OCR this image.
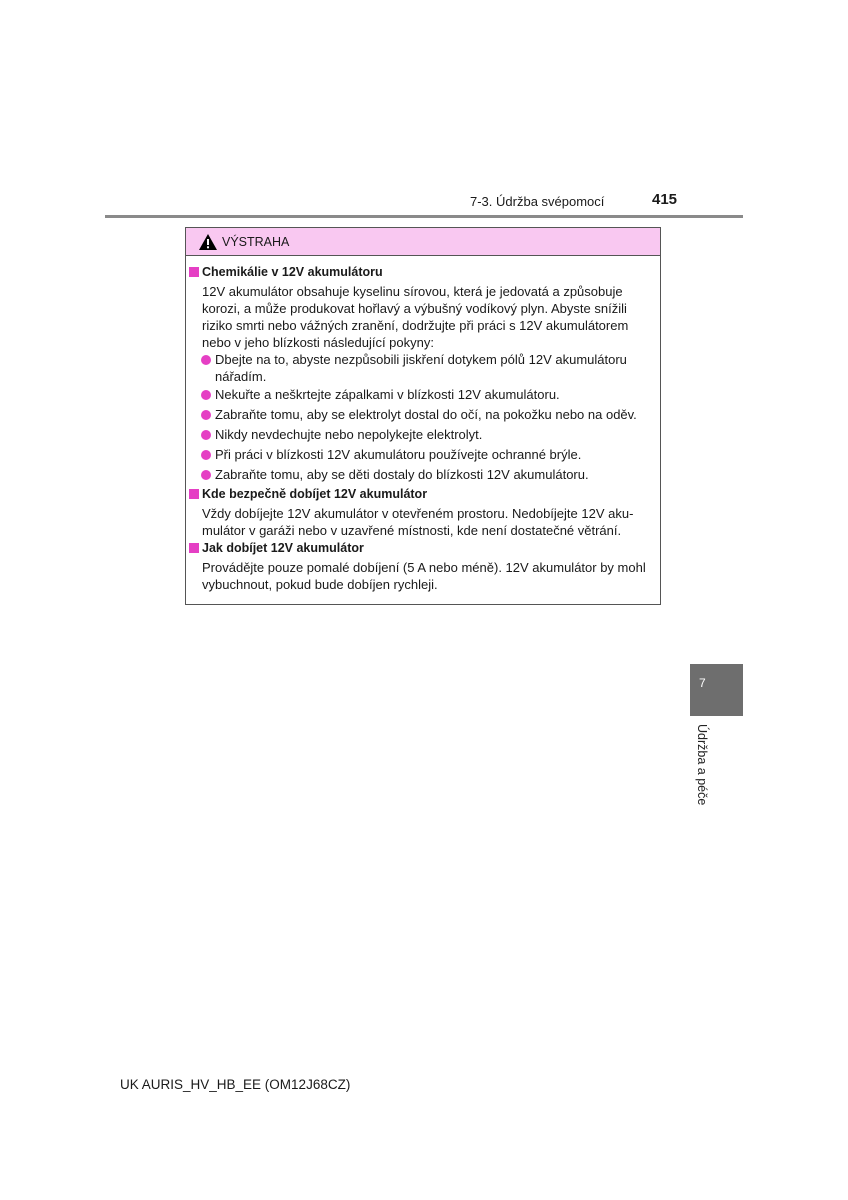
7-3. Údržba svépomocí	415
VÝSTRAHA
Chemikálie v 12V akumulátoru
12V akumulátor obsahuje kyselinu sírovou, která je jedovatá a způsobuje
korozi, a může produkovat hořlavý a výbušný vodíkový plyn. Abyste snížili
riziko smrti nebo vážných zranění, dodržujte při práci s 12V akumulátorem
nebo v jeho blízkosti následující pokyny:
Dbejte na to, abyste nezpůsobili jiskření dotykem pólů 12V akumulátoru
nářadím.
Nekuřte a neškrtejte zápalkami v blízkosti 12V akumulátoru.
Zabraňte tomu, aby se elektrolyt dostal do očí, na pokožku nebo na oděv.
Nikdy nevdechujte nebo nepolykejte elektrolyt.
Při práci v blízkosti 12V akumulátoru používejte ochranné brýle.
Zabraňte tomu, aby se děti dostaly do blízkosti 12V akumulátoru.
Kde bezpečně dobíjet 12V akumulátor
Vždy dobíjejte 12V akumulátor v otevřeném prostoru. Nedobíjejte 12V aku-
mulátor v garáži nebo v uzavřené místnosti, kde není dostatečné větrání.
Jak dobíjet 12V akumulátor
Provádějte pouze pomalé dobíjení (5 A nebo méně). 12V akumulátor by mohl
vybuchnout, pokud bude dobíjen rychleji.
7
Údržba a péče
UK AURIS_HV_HB_EE (OM12J68CZ)
